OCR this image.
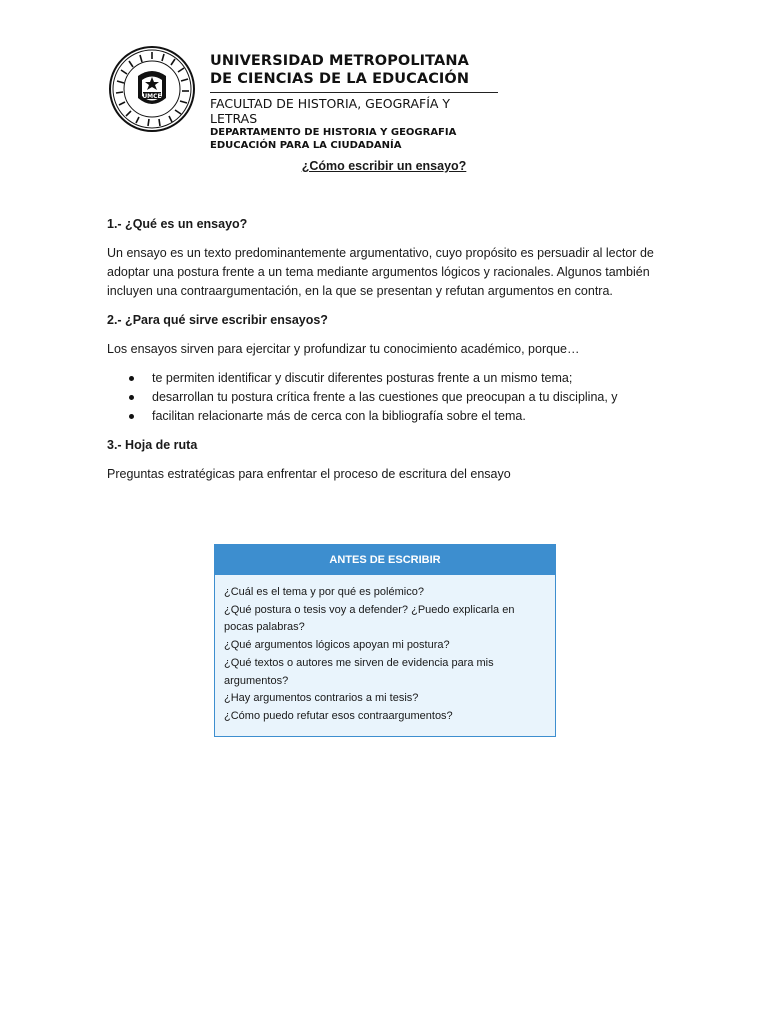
UMCE
UNIVERSIDAD METROPOLITANA
DE CIENCIAS DE LA EDUCACIÓN
FACULTAD DE HISTORIA, GEOGRAFÍA Y LETRAS
DEPARTAMENTO DE HISTORIA Y GEOGRAFIA
EDUCACIÓN PARA LA CIUDADANÍA
¿Cómo escribir un ensayo?
1.- ¿Qué es un ensayo?
Un ensayo es un texto predominantemente argumentativo, cuyo propósito es persuadir al lector de adoptar una postura frente a un tema mediante argumentos lógicos y racionales. Algunos también incluyen una contraargumentación, en la que se presentan y refutan argumentos en contra.
2.- ¿Para qué sirve escribir ensayos?
Los ensayos sirven para ejercitar y profundizar tu conocimiento académico, porque…
te permiten identificar y discutir diferentes posturas frente a un mismo tema;
desarrollan tu postura crítica frente a las cuestiones que preocupan a tu disciplina, y
facilitan relacionarte más de cerca con la bibliografía sobre el tema.
3.- Hoja de ruta
Preguntas estratégicas para enfrentar el proceso de escritura del ensayo
ANTES DE ESCRIBIR
¿Cuál es el tema y por qué es polémico?
¿Qué postura o tesis voy a defender? ¿Puedo explicarla en
pocas palabras?
¿Qué argumentos lógicos apoyan mi postura?
¿Qué textos o autores me sirven de evidencia para mis
argumentos?
¿Hay argumentos contrarios a mi tesis?
¿Cómo puedo refutar esos contraargumentos?
